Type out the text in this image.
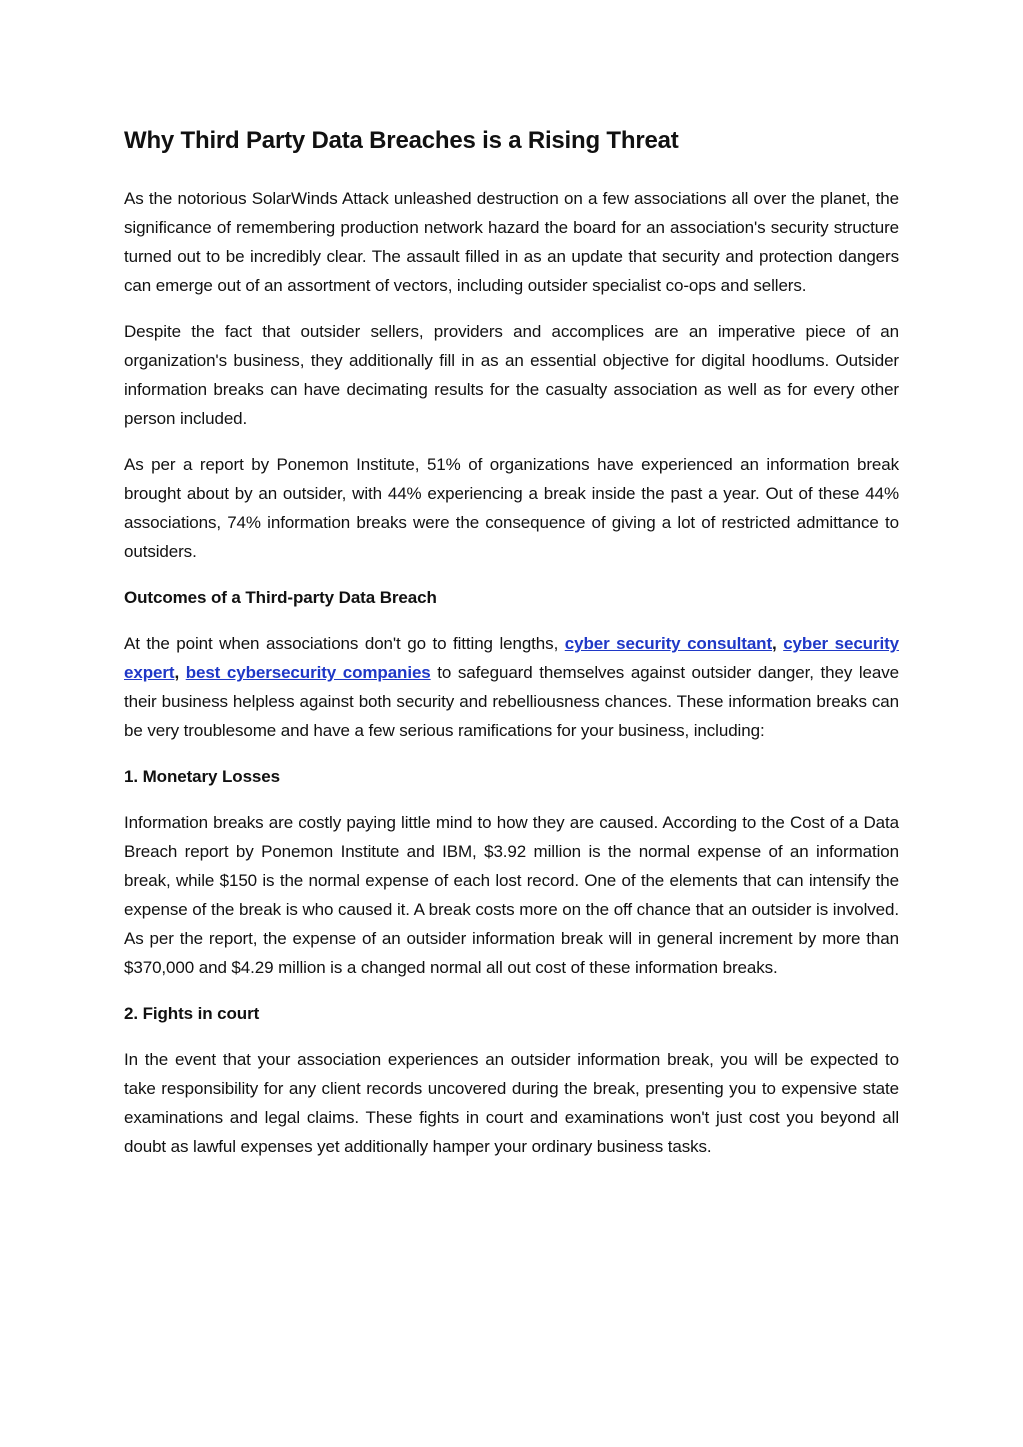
Why Third Party Data Breaches is a Rising Threat

As the notorious SolarWinds Attack unleashed destruction on a few associations all over the planet, the significance of remembering production network hazard the board for an association's security structure turned out to be incredibly clear. The assault filled in as an update that security and protection dangers can emerge out of an assortment of vectors, including outsider specialist co-ops and sellers.

Despite the fact that outsider sellers, providers and accomplices are an imperative piece of an organization's business, they additionally fill in as an essential objective for digital hoodlums. Outsider information breaks can have decimating results for the casualty association as well as for every other person included.

As per a report by Ponemon Institute, 51% of organizations have experienced an information break brought about by an outsider, with 44% experiencing a break inside the past a year. Out of these 44% associations, 74% information breaks were the consequence of giving a lot of restricted admittance to outsiders.

Outcomes of a Third-party Data Breach

At the point when associations don't go to fitting lengths, cyber security consultant, cyber security expert, best cybersecurity companies to safeguard themselves against outsider danger, they leave their business helpless against both security and rebelliousness chances. These information breaks can be very troublesome and have a few serious ramifications for your business, including:

1. Monetary Losses

Information breaks are costly paying little mind to how they are caused. According to the Cost of a Data Breach report by Ponemon Institute and IBM, $3.92 million is the normal expense of an information break, while $150 is the normal expense of each lost record. One of the elements that can intensify the expense of the break is who caused it. A break costs more on the off chance that an outsider is involved. As per the report, the expense of an outsider information break will in general increment by more than $370,000 and $4.29 million is a changed normal all out cost of these information breaks.

2. Fights in court

In the event that your association experiences an outsider information break, you will be expected to take responsibility for any client records uncovered during the break, presenting you to expensive state examinations and legal claims. These fights in court and examinations won't just cost you beyond all doubt as lawful expenses yet additionally hamper your ordinary business tasks.
